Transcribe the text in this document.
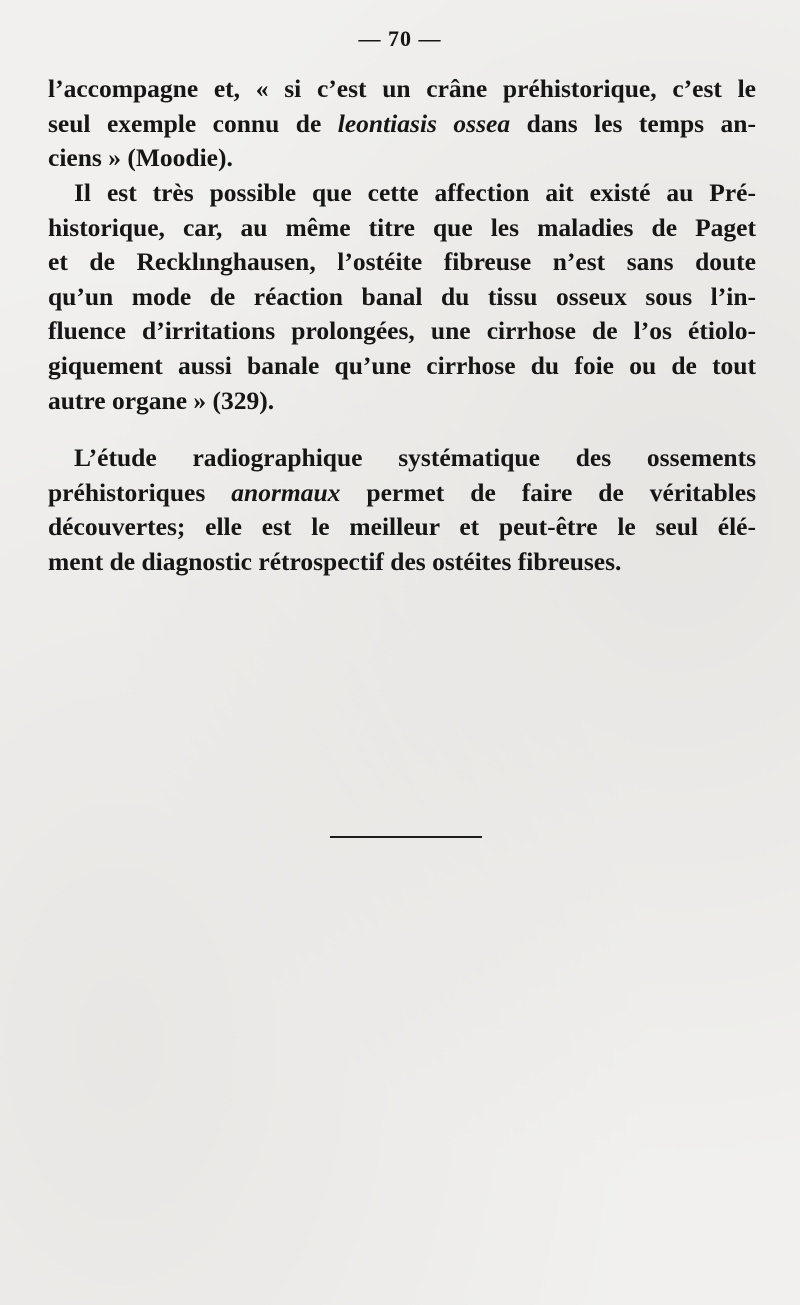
— 70 —
l’accompagne et, « si c’est un crâne préhistorique, c’est le
seul exemple connu de leontiasis ossea dans les temps an-
ciens » (Moodie).
Il est très possible que cette affection ait existé au Pré-
historique, car, au même titre que les maladies de Paget
et de Recklınghausen, l’ostéite fibreuse n’est sans doute
qu’un mode de réaction banal du tissu osseux sous l’in-
fluence d’irritations prolongées, une cirrhose de l’os étiolo-
giquement aussi banale qu’une cirrhose du foie ou de tout
autre organe » (329).
L’étude radiographique systématique des ossements
préhistoriques anormaux permet de faire de véritables
découvertes; elle est le meilleur et peut-être le seul élé-
ment de diagnostic rétrospectif des ostéites fibreuses.
